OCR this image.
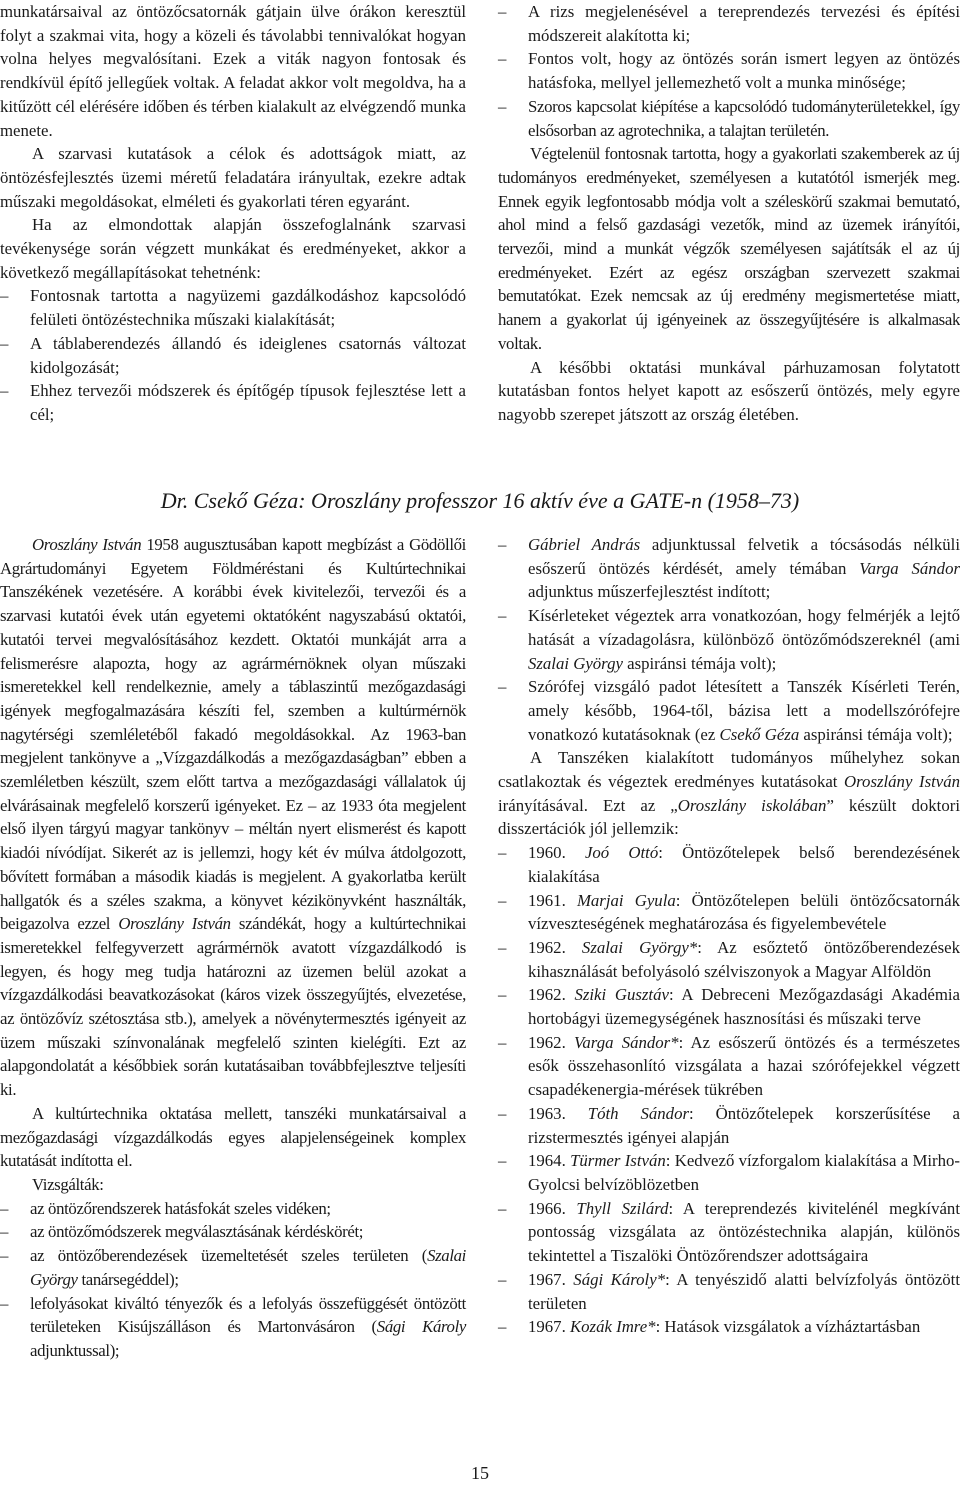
munkatársaival az öntözőcsatornák gátjain ülve órákon keresztül folyt a szakmai vita, hogy a közeli és távolabbi tennivalókat hogyan volna helyes megvalósítani. Ezek a viták nagyon fontosak és rendkívül építő jellegűek voltak. A feladat akkor volt megoldva, ha a kitűzött cél elérésére időben és térben kialakult az elvégzendő munka menete.

A szarvasi kutatások a célok és adottságok miatt, az öntözésfejlesztés üzemi méretű feladatára irányultak, ezekre adtak műszaki megoldásokat, elméleti és gyakorlati téren egyaránt.

Ha az elmondottak alapján összefoglalnánk szarvasi tevékenysége során végzett munkákat és eredményeket, akkor a következő megállapításokat tehetnénk:

– Fontosnak tartotta a nagyüzemi gazdálkodáshoz kapcsolódó felületi öntözéstechnika műszaki kialakítását;

– A táblaberendezés állandó és ideiglenes csatornás változat kidolgozását;

– Ehhez tervezői módszerek és építőgép típusok fejlesztése lett a cél;

– A rizs megjelenésével a tereprendezés tervezési és építési módszereit alakította ki;

– Fontos volt, hogy az öntözés során ismert legyen az öntözés hatásfoka, mellyel jellemezhető volt a munka minősége;

– Szoros kapcsolat kiépítése a kapcsolódó tudományterületekkel, így elsősorban az agrotechnika, a talajtan területén.

Végtelenül fontosnak tartotta, hogy a gyakorlati szakemberek az új tudományos eredményeket, személyesen a kutatótól ismerjék meg. Ennek egyik legfontosabb módja volt a széleskörű szakmai bemutató, ahol mind a felső gazdasági vezetők, mind az üzemek irányítói, tervezői, mind a munkát végzők személyesen sajátítsák el az új eredményeket. Ezért az egész országban szervezett szakmai bemutatókat. Ezek nemcsak az új eredmény megismertetése miatt, hanem a gyakorlat új igényeinek az összegyűjtésére is alkalmasak voltak.

A későbbi oktatási munkával párhuzamosan folytatott kutatásban fontos helyet kapott az esőszerű öntözés, mely egyre nagyobb szerepet játszott az ország életében.

Dr. Csekő Géza: Oroszlány professzor 16 aktív éve a GATE-n (1958–73)

Oroszlány István 1958 augusztusában kapott megbízást a Gödöllői Agrártudományi Egyetem Földméréstani és Kultúrtechnikai Tanszékének vezetésére. A korábbi évek kivitelezői, tervezői és a szarvasi kutatói évek után egyetemi oktatóként nagyszabású oktatói, kutatói tervei megvalósításához kezdett. Oktatói munkáját arra a felismerésre alapozta, hogy az agrármérnöknek olyan műszaki ismeretekkel kell rendelkeznie, amely a táblaszintű mezőgazdasági igények megfogalmazására készíti fel, szemben a kultúrmérnök nagytérségi szemléletéből fakadó megoldásokkal. Az 1963-ban megjelent tankönyve a „Vízgazdálkodás a mezőgazdaságban” ebben a szemléletben készült, szem előtt tartva a mezőgazdasági vállalatok új elvárásainak megfelelő korszerű igényeket. Ez – az 1933 óta megjelent első ilyen tárgyú magyar tankönyv – méltán nyert elismerést és kapott kiadói nívódíjat. Sikerét az is jellemzi, hogy két év múlva átdolgozott, bővített formában a második kiadás is megjelent. A gyakorlatba került hallgatók és a széles szakma, a könyvet kézikönyvként használták, beigazolva ezzel Oroszlány István szándékát, hogy a kultúrtechnikai ismeretekkel felfegyverzett agrármérnök avatott vízgazdálkodó is legyen, és hogy meg tudja határozni az üzemen belül azokat a vízgazdálkodási beavatkozásokat (káros vizek összegyűjtés, elvezetése, az öntözővíz szétosztása stb.), amelyek a növénytermesztés igényeit az üzem műszaki színvonalának megfelelő szinten kielégíti. Ezt az alapgondolatát a későbbiek során kutatásaiban továbbfejlesztve teljesíti ki.

A kultúrtechnika oktatása mellett, tanszéki munkatársaival a mezőgazdasági vízgazdálkodás egyes alapjelenségeinek komplex kutatását indította el.

Vizsgálták:

– az öntözőrendszerek hatásfokát szeles vidéken;

– az öntözőmódszerek megválasztásának kérdéskörét;

– az öntözőberendezések üzemeltetését szeles területen (Szalai György tanársegéddel);

– lefolyásokat kiváltó tényezők és a lefolyás összefüggését öntözött területeken Kisújszálláson és Martonvásáron (Sági Károly adjunktussal);

– Gábriel András adjunktussal felvetik a tócsásodás nélküli esőszerű öntözés kérdését, amely témában Varga Sándor adjunktus műszerfejlesztést indított;

– Kísérleteket végeztek arra vonatkozóan, hogy felmérjék a lejtő hatását a vízadagolásra, különböző öntözőmódszereknél (ami Szalai György aspiránsi témája volt);

– Szórófej vizsgáló padot létesített a Tanszék Kísérleti Terén, amely később, 1964-től, bázisa lett a modellszórófejre vonatkozó kutatásoknak (ez Csekő Géza aspiránsi témája volt);

A Tanszéken kialakított tudományos műhelyhez sokan csatlakoztak és végeztek eredményes kutatásokat Oroszlány István irányításával. Ezt az „Oroszlány iskolában” készült doktori disszertációk jól jellemzik:

– 1960. Joó Ottó: Öntözőtelepek belső berendezésének kialakítása

– 1961. Marjai Gyula: Öntözőtelepen belüli öntözőcsatornák vízveszteségének meghatározása és figyelembevétele

– 1962. Szalai György*: Az esőztető öntözőberendezések kihasználását befolyásoló szélviszonyok a Magyar Alföldön

– 1962. Sziki Gusztáv: A Debreceni Mezőgazdasági Akadémia hortobágyi üzemegységének hasznosítási és műszaki terve

– 1962. Varga Sándor*: Az esőszerű öntözés és a természetes esők összehasonlító vizsgálata a hazai szórófejekkel végzett csapadékenergia-mérések tükrében

– 1963. Tóth Sándor: Öntözőtelepek korszerűsítése a rizstermesztés igényei alapján

– 1964. Türmer István: Kedvező vízforgalom kialakítása a Mirho-Gyolcsi belvízöblözetben

– 1966. Thyll Szilárd: A tereprendezés kivitelénél megkívánt pontosság vizsgálata az öntözéstechnika alapján, különös tekintettel a Tiszalöki Öntözőrendszer adottságaira

– 1967. Sági Károly*: A tenyészidő alatti belvízfolyás öntözött területen

– 1967. Kozák Imre*: Hatások vizsgálatok a vízháztartásban

15
